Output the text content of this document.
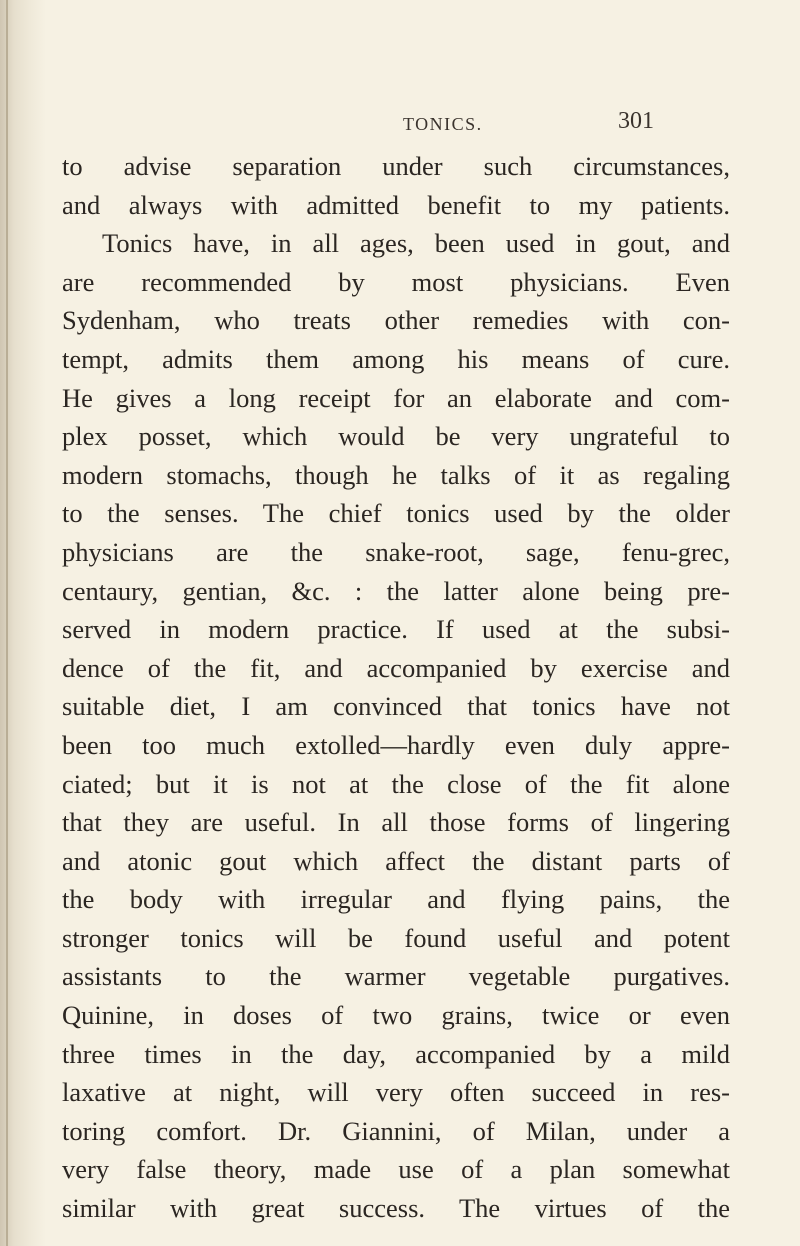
TONICS.	301
to advise separation under such circumstances,
and always with admitted benefit to my patients.
Tonics have, in all ages, been used in gout, and
are recommended by most physicians. Even
Sydenham, who treats other remedies with con-
tempt, admits them among his means of cure.
He gives a long receipt for an elaborate and com-
plex posset, which would be very ungrateful to
modern stomachs, though he talks of it as regaling
to the senses. The chief tonics used by the older
physicians are the snake-root, sage, fenu-grec,
centaury, gentian, &c. : the latter alone being pre-
served in modern practice. If used at the subsi-
dence of the fit, and accompanied by exercise and
suitable diet, I am convinced that tonics have not
been too much extolled—hardly even duly appre-
ciated; but it is not at the close of the fit alone
that they are useful. In all those forms of lingering
and atonic gout which affect the distant parts of
the body with irregular and flying pains, the
stronger tonics will be found useful and potent
assistants to the warmer vegetable purgatives.
Quinine, in doses of two grains, twice or even
three times in the day, accompanied by a mild
laxative at night, will very often succeed in res-
toring comfort. Dr. Giannini, of Milan, under a
very false theory, made use of a plan somewhat
similar with great success. The virtues of the
